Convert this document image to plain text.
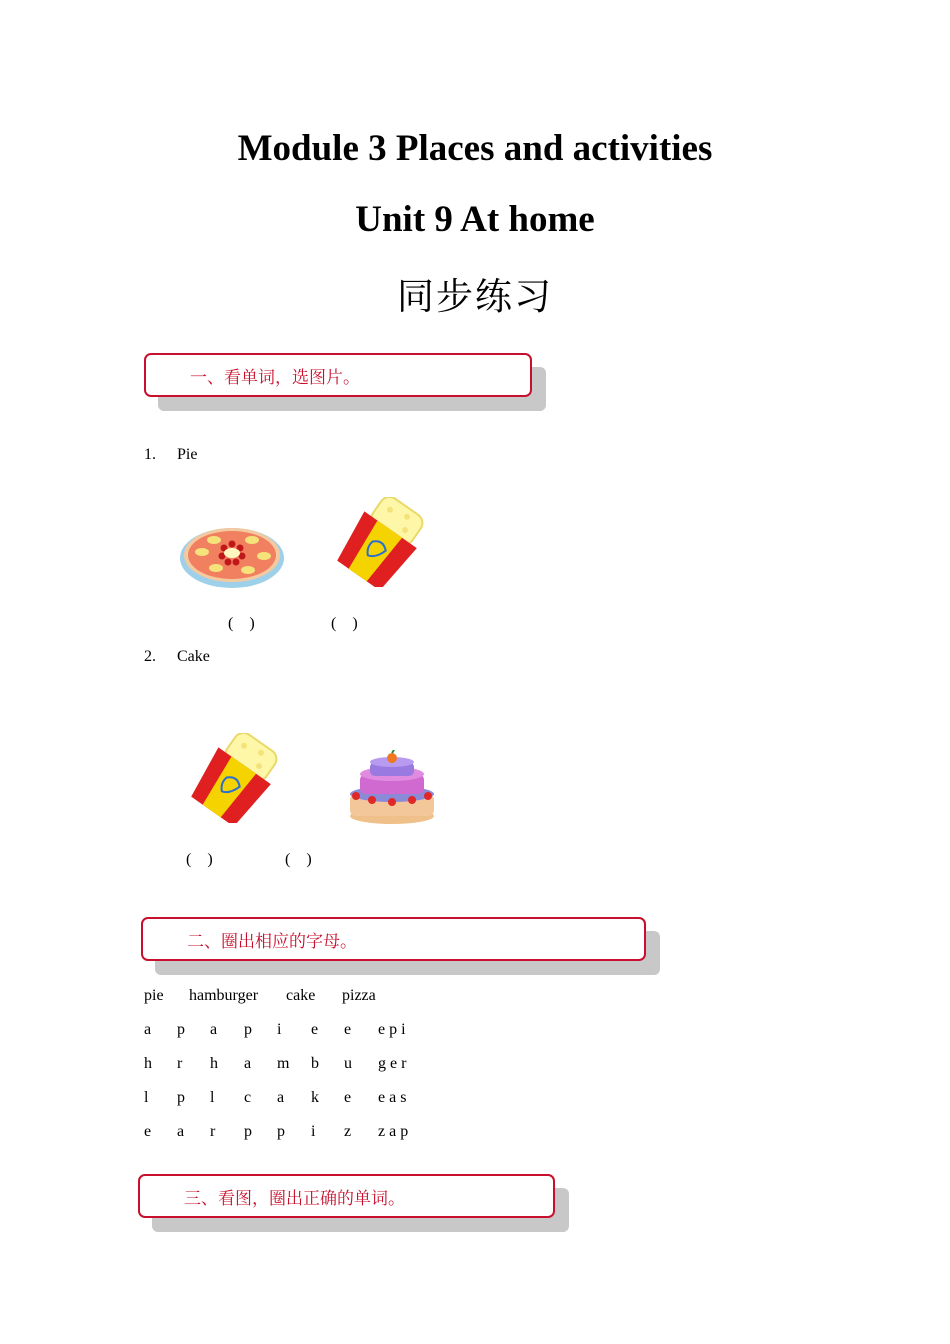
Module 3 Places and activities
Unit 9 At home
同步练习
一、看单词，选图片。
1. Pie
(    )	(    )
2. Cake
(    )	(    )
二、圈出相应的字母。
pie hamburger cake pizza
a p a p i e e e p i
h r h a m b u g e r
l p l c a k e e a s
e a r p p i z z a p
三、看图，圈出正确的单词。
